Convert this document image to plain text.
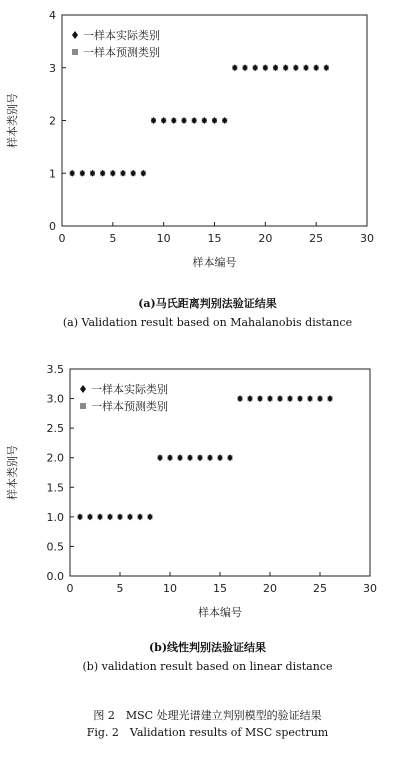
0	5	10	15	20	25	30
0
1
2
3
4
样本编号
样本类别号
一样本实际类别
一样本预测类别
0	5	10	15	20	25	30
0.0
0.5
1.0
1.5
2.0
2.5
3.0
3.5
样本编号
样本类别号
一样本实际类别
一样本预测类别
(a)马氏距离判别法验证结果
(a) Validation result based on Mahalanobis distance
(b)线性判别法验证结果
(b) validation result based on linear distance
图 2　MSC 处理光谱建立判别模型的验证结果
Fig. 2　Validation results of MSC spectrum
